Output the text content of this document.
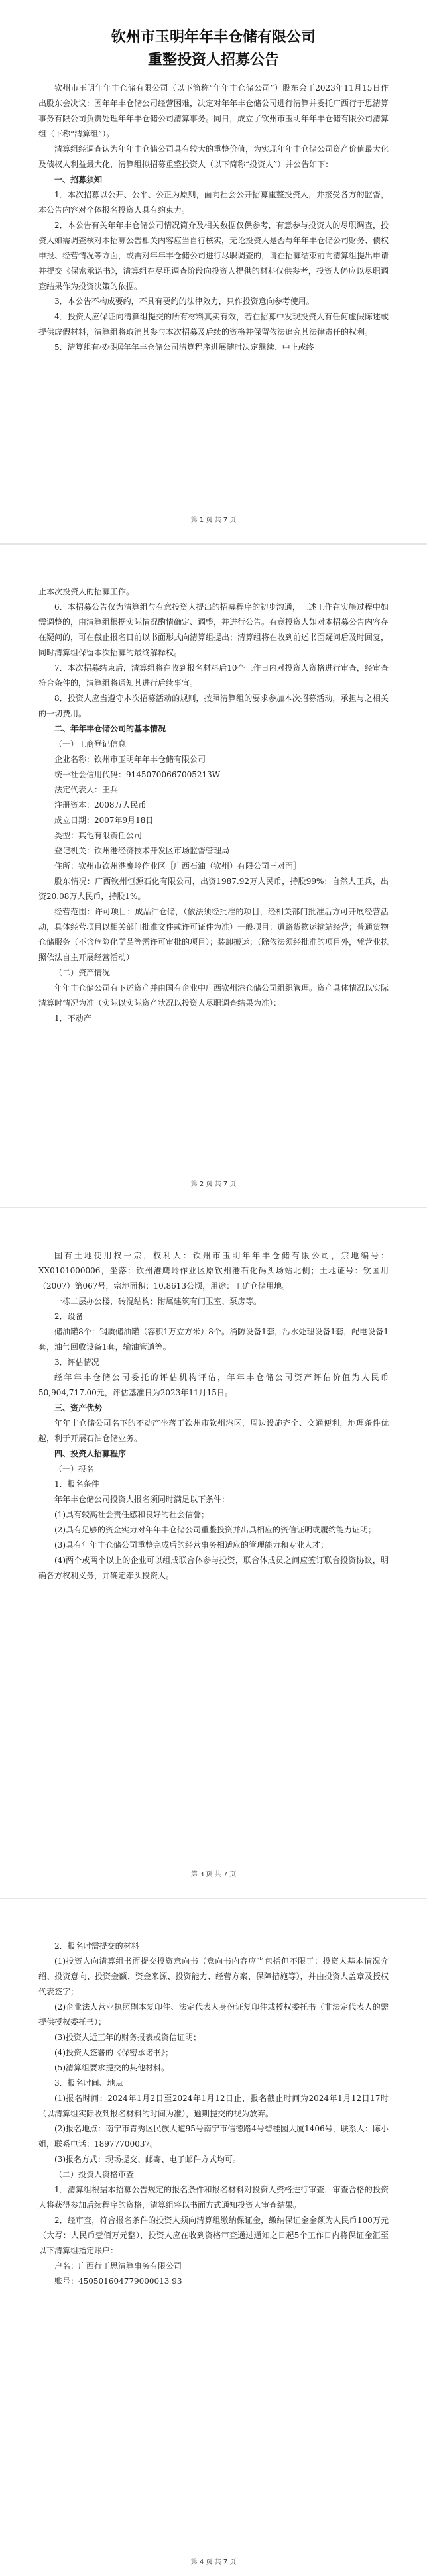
钦州市玉明年年丰仓储有限公司
重整投资人招募公告

钦州市玉明年年丰仓储有限公司（以下简称“年年丰仓储公司”）股东会于2023年11月15日作出股东会决议：因年年丰仓储公司经营困难，决定对年年丰仓储公司进行清算并委托广西行于思清算事务有限公司负责处理年年丰仓储公司清算事务。同日，成立了钦州市玉明年年丰仓储有限公司清算组（下称“清算组”）。

清算组经调查认为年年丰仓储公司具有较大的重整价值，为实现年年丰仓储公司资产价值最大化及债权人利益最大化，清算组拟招募重整投资人（以下简称“投资人”）并公告如下：

一、招募须知

1．本次招募以公开、公平、公正为原则，面向社会公开招募重整投资人，并接受各方的监督，本公告内容对全体报名投资人具有约束力。

2．本公告有关年年丰仓储公司情况简介及相关数据仅供参考，有意参与投资人的尽职调查，投资人如需调查核对本招募公告相关内容应当自行核实，无论投资人是否与年年丰仓储公司财务、债权申报、经营情况等方面，或需对年年丰仓储公司进行尽职调查的，请在招募结束前向清算组提出申请并提交《保密承诺书》，清算组在尽职调查阶段向投资人提供的材料仅供参考，投资人仍应以尽职调查结果作为投资决策的依据。

3．本公告不构成要约，不具有要约的法律效力，只作投资意向参考使用。

4．投资人应保证向清算组提交的所有材料真实有效，若在招募中发现投资人有任何虚假陈述或提供虚假材料，清算组将取消其参与本次招募及后续的资格并保留依法追究其法律责任的权利。

5．清算组有权根据年年丰仓储公司清算程序进展随时决定继续、中止或终

第 1 页 共 7 页

止本次投资人的招募工作。

6．本招募公告仅为清算组与有意投资人提出的招募程序的初步沟通，上述工作在实施过程中如需调整的，由清算组根据实际情况酌情确定、调整，并进行公告。有意投资人如对本招募公告内容存在疑问的，可在截止报名日前以书面形式向清算组提出；清算组将在收到前述书面疑问后及时回复，同时清算组保留本次招募的最终解释权。

7．本次招募结束后，清算组将在收到报名材料后10个工作日内对投资人资格进行审查，经审查符合条件的，清算组将通知其进行后续事宜。

8．投资人应当遵守本次招募活动的规则，按照清算组的要求参加本次招募活动，承担与之相关的一切费用。

二、年年丰仓储公司的基本情况

（一）工商登记信息

企业名称：钦州市玉明年年丰仓储有限公司

统一社会信用代码：91450700667005213W

法定代表人：王兵

注册资本：2008万人民币

成立日期：2007年9月18日

类型：其他有限责任公司

登记机关：钦州港经济技术开发区市场监督管理局

住所：钦州市钦州港鹰岭作业区［广西石油（钦州）有限公司三对面］

股东情况：广西钦州恒源石化有限公司，出资1987.92万人民币，持股99%；自然人王兵，出资20.08万人民币，持股1%。

经营范围：许可项目：成品油仓储，（依法须经批准的项目，经相关部门批准后方可开展经营活动，具体经营项目以相关部门批准文件或许可证件为准）一般项目：道路货物运输站经营；普通货物仓储服务（不含危险化学品等需许可审批的项目）；装卸搬运；（除依法须经批准的项目外，凭营业执照依法自主开展经营活动）

（二）资产情况

年年丰仓储公司有下述资产并由国有企业中广西钦州港仓储公司组织管理。资产具体情况以实际清算时情况为准（实际以实际资产状况以投资人尽职调查结果为准）：

1．不动产

第 2 页 共 7 页

国有土地使用权一宗，权利人：钦州市玉明年年丰仓储有限公司，宗地编号：XX0101000006，坐落：钦州港鹰岭作业区原钦州港石化码头场站北侧；土地证号：钦国用（2007）第067号，宗地面积：10.8613公顷，用途：工矿仓储用地。

一栋二层办公楼，砖混结构；附属建筑有门卫室、泵房等。

2．设备

储油罐8个：钢质储油罐（容积1万立方米）8个。消防设备1套，污水处理设备1套，配电设备1套，油气回收设备1套，输油管道等。

3．评估情况

经年年丰仓储公司委托的评估机构评估，年年丰仓储公司资产评估价值为人民币50,904,717.00元，评估基准日为2023年11月15日。

三、资产优势

年年丰仓储公司名下的不动产坐落于钦州市钦州港区，周边设施齐全、交通便利，地理条件优越，利于开展石油仓储业务。

四、投资人招募程序

（一）报名

1．报名条件

年年丰仓储公司投资人报名须同时满足以下条件：

(1)具有较高社会责任感和良好的社会信誉；

(2)具有足够的资金实力对年年丰仓储公司重整投资并出具相应的资信证明或履约能力证明；

(3)具有年年丰仓储公司重整完成后的经营事务相适应的管理能力和专业人才；

(4)两个或两个以上的企业可以组成联合体参与投资，联合体成员之间应签订联合投资协议，明确各方权利义务，并确定牵头投资人。

第 3 页 共 7 页

2．报名时需提交的材料

(1)投资人向清算组书面提交投资意向书（意向书内容应当包括但不限于：投资人基本情况介绍、投资意向、投资金额、资金来源、投资能力、经营方案、保障措施等），并由投资人盖章及授权代表签字；

(2)企业法人营业执照副本复印件、法定代表人身份证复印件或授权委托书（非法定代表人的需提供授权委托书）；

(3)投资人近三年的财务报表或资信证明；

(4)投资人签署的《保密承诺书》；

(5)清算组要求提交的其他材料。

3．报名时间、地点

(1)报名时间：2024年1月2日至2024年1月12日止，报名截止时间为2024年1月12日17时（以清算组实际收到报名材料的时间为准），逾期提交的视为放弃。

(2)报名地点：南宁市青秀区民族大道95号南宁市信德路4号碧桂园大厦1406号，联系人：陈小姐，联系电话：18977700037。

(3)报名方式：现场提交、邮寄、电子邮件方式均可。

（二）投资人资格审查

1．清算组根据本招募公告规定的报名条件和报名材料对投资人资格进行审查，审查合格的投资人将获得参加后续程序的资格，清算组将以书面方式通知投资人审查结果。

2．经审查，符合报名条件的投资人须向清算组缴纳保证金，缴纳保证金金额为人民币100万元（大写：人民币壹佰万元整），投资人应在收到资格审查通过通知之日起5个工作日内将保证金汇至以下清算组指定账户：

户名：广西行于思清算事务有限公司

账号：450501604779000013 93

第 4 页 共 7 页
